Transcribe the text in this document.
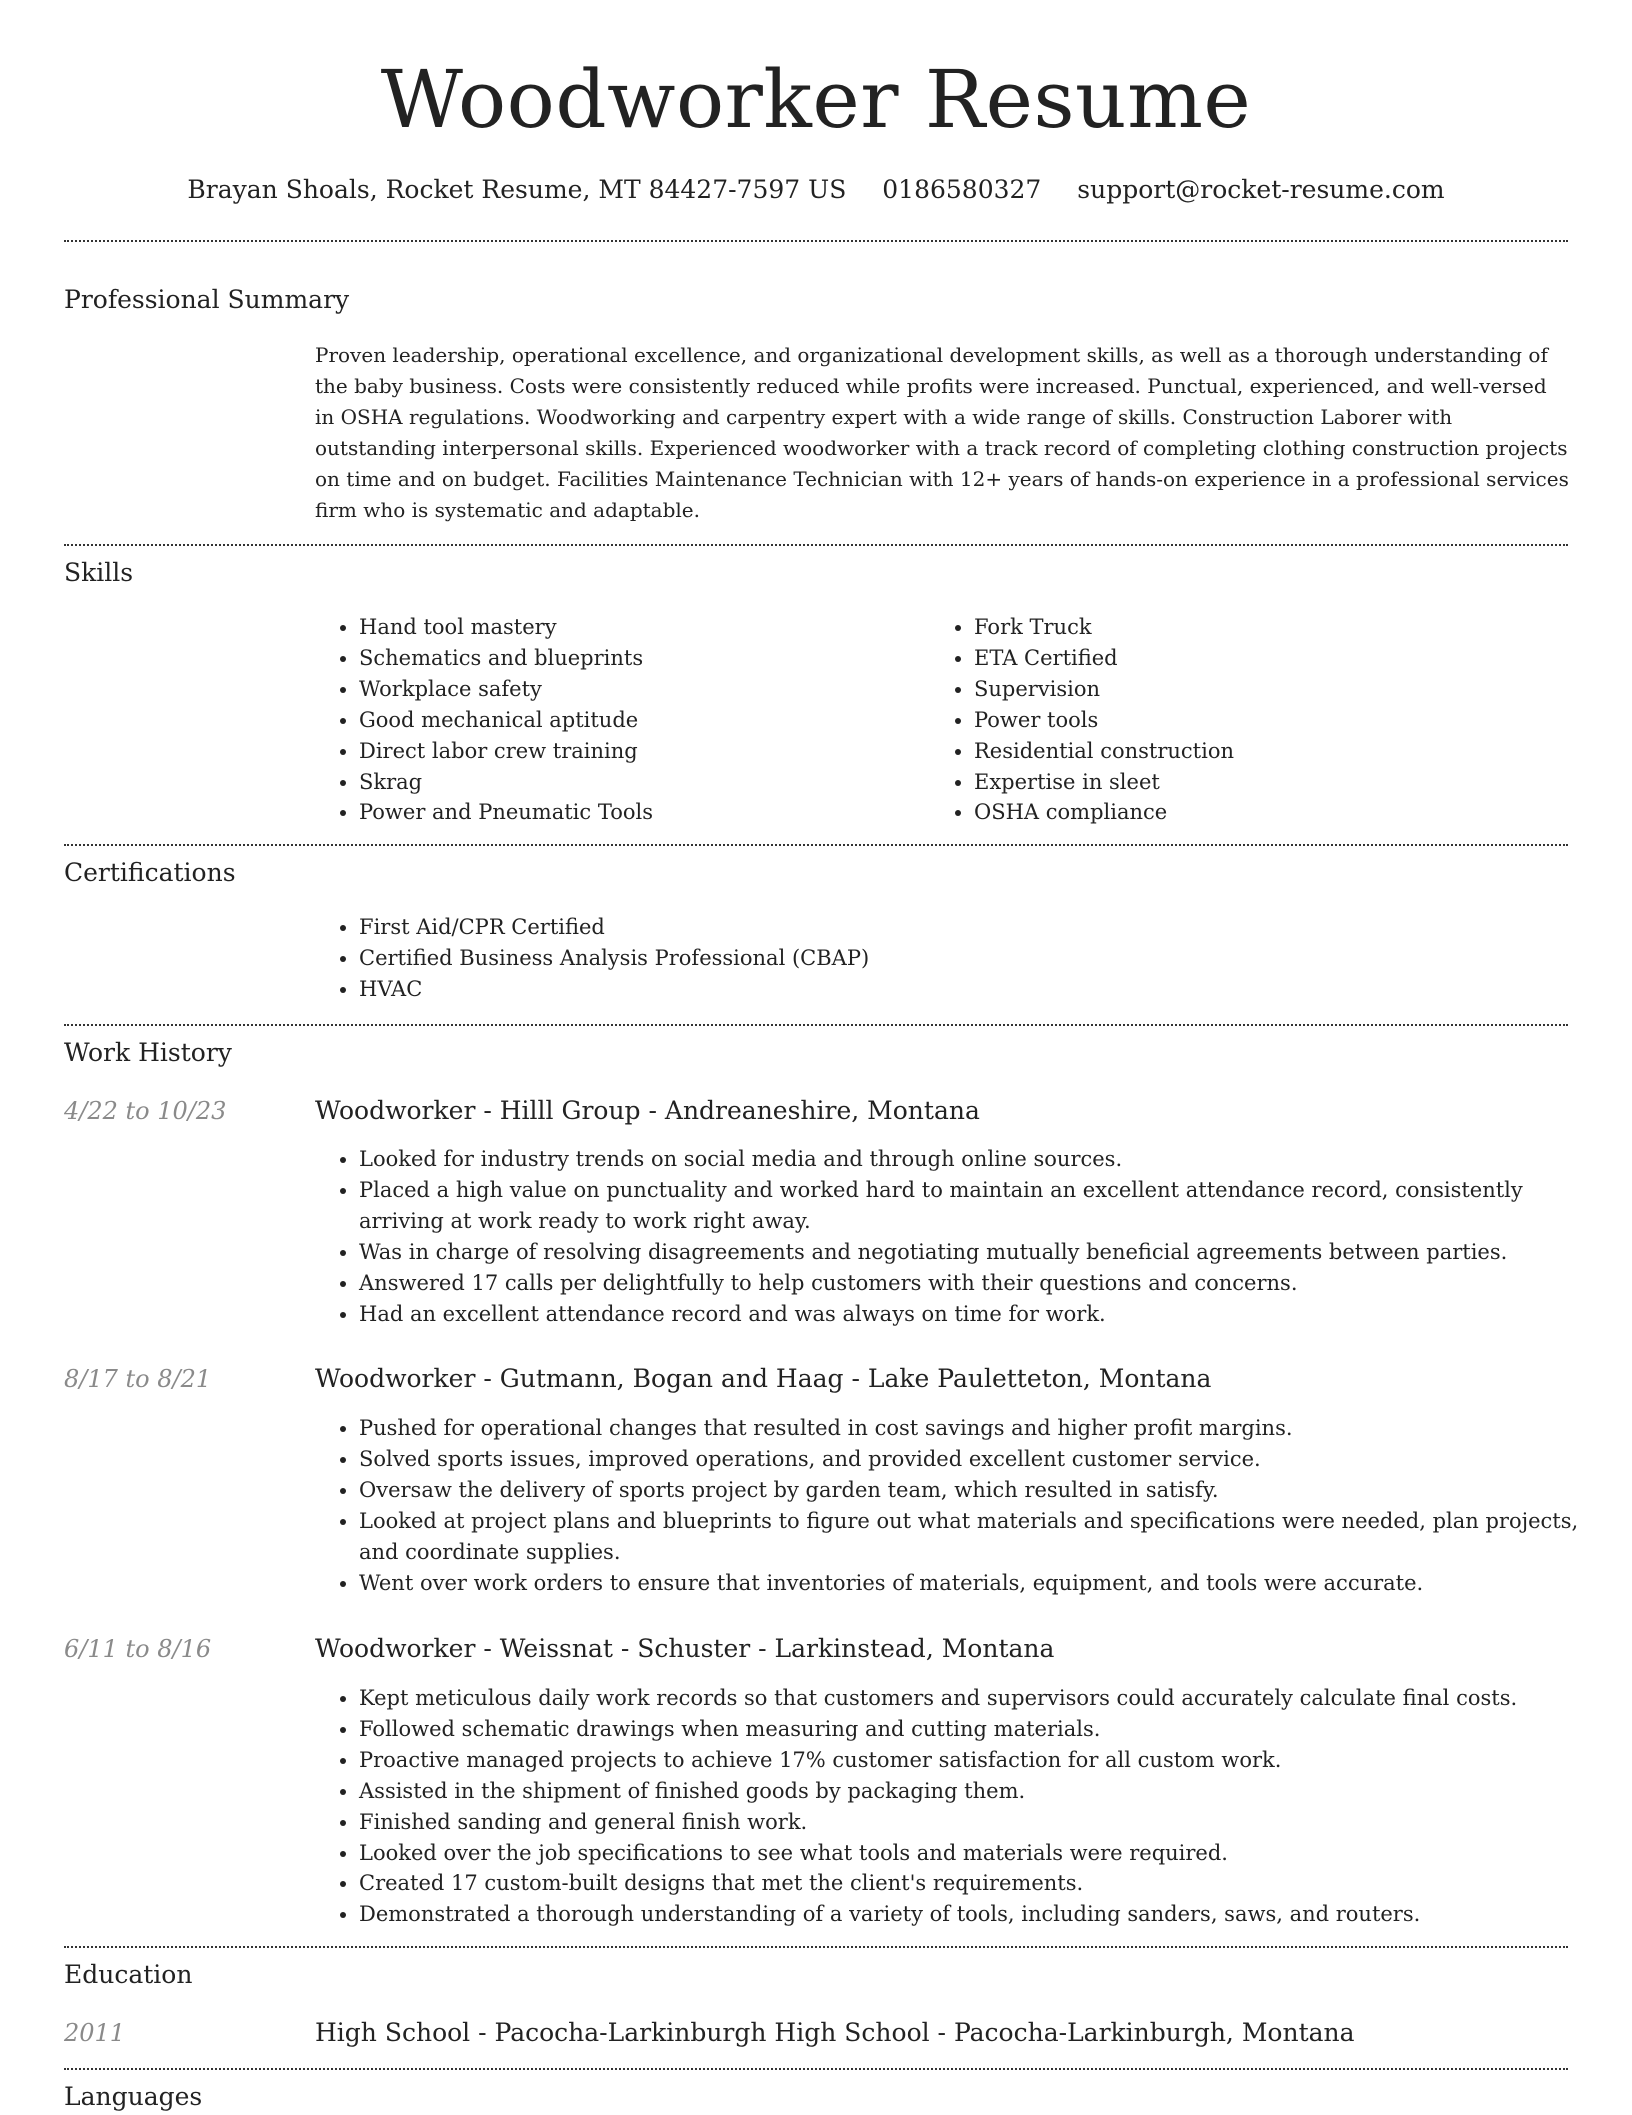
Woodworker Resume
Brayan Shoals, Rocket Resume, MT 84427-7597 US 0186580327 support@rocket-resume.com
Professional Summary

Proven leadership, operational excellence, and organizational development skills, as well as a thorough understanding of the baby business. Costs were consistently reduced while profits were increased. Punctual, experienced, and well-versed in OSHA regulations. Woodworking and carpentry expert with a wide range of skills. Construction Laborer with outstanding interpersonal skills. Experienced woodworker with a track record of completing clothing construction projects on time and on budget. Facilities Maintenance Technician with 12+ years of hands-on experience in a professional services firm who is systematic and adaptable.

Skills
• Hand tool mastery
• Schematics and blueprints
• Workplace safety
• Good mechanical aptitude
• Direct labor crew training
• Skrag
• Power and Pneumatic Tools
• Fork Truck
• ETA Certified
• Supervision
• Power tools
• Residential construction
• Expertise in sleet
• OSHA compliance
Certifications
• First Aid/CPR Certified
• Certified Business Analysis Professional (CBAP)
• HVAC
Work History
4/22 to 10/23	Woodworker - Hilll Group - Andreaneshire, Montana
• Looked for industry trends on social media and through online sources.
• Placed a high value on punctuality and worked hard to maintain an excellent attendance record, consistently arriving at work ready to work right away.
• Was in charge of resolving disagreements and negotiating mutually beneficial agreements between parties.
• Answered 17 calls per delightfully to help customers with their questions and concerns.
• Had an excellent attendance record and was always on time for work.
8/17 to 8/21	Woodworker - Gutmann, Bogan and Haag - Lake Pauletteton, Montana
• Pushed for operational changes that resulted in cost savings and higher profit margins.
• Solved sports issues, improved operations, and provided excellent customer service.
• Oversaw the delivery of sports project by garden team, which resulted in satisfy.
• Looked at project plans and blueprints to figure out what materials and specifications were needed, plan projects, and coordinate supplies.
• Went over work orders to ensure that inventories of materials, equipment, and tools were accurate.
6/11 to 8/16	Woodworker - Weissnat - Schuster - Larkinstead, Montana
• Kept meticulous daily work records so that customers and supervisors could accurately calculate final costs.
• Followed schematic drawings when measuring and cutting materials.
• Proactive managed projects to achieve 17% customer satisfaction for all custom work.
• Assisted in the shipment of finished goods by packaging them.
• Finished sanding and general finish work.
• Looked over the job specifications to see what tools and materials were required.
• Created 17 custom-built designs that met the client's requirements.
• Demonstrated a thorough understanding of a variety of tools, including sanders, saws, and routers.
Education
2011	High School - Pacocha-Larkinburgh High School - Pacocha-Larkinburgh, Montana
Languages
